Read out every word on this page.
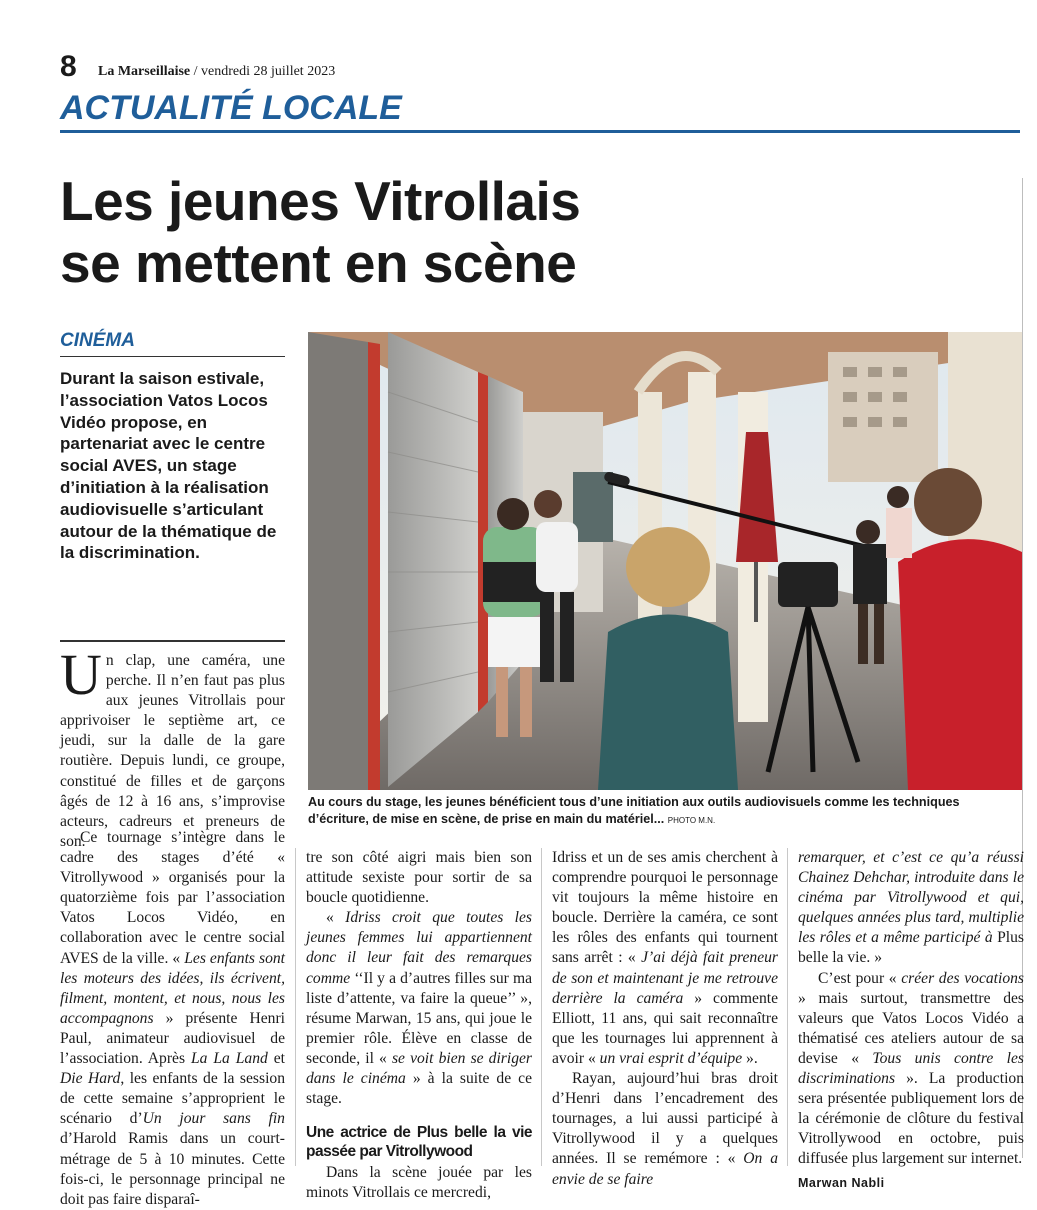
8 La Marseillaise / vendredi 28 juillet 2023
ACTUALITÉ LOCALE
Les jeunes Vitrollais
se mettent en scène
CINÉMA
Durant la saison estivale, l’association Vatos Locos Vidéo propose, en partenariat avec le centre social AVES, un stage d’initiation à la réalisation audiovisuelle s’articulant autour de la thématique de la discrimination.
Au cours du stage, les jeunes bénéficient tous d’une initiation aux outils audiovisuels comme les techniques d’écriture, de mise en scène, de prise en main du matériel... PHOTO M.N.

Un clap, une caméra, une perche. Il n’en faut pas plus aux jeunes Vitrollais pour apprivoiser le septième art, ce jeudi, sur la dalle de la gare routière. Depuis lundi, ce groupe, constitué de filles et de garçons âgés de 12 à 16 ans, s’improvise acteurs, cadreurs et preneurs de son.

Ce tournage s’intègre dans le cadre des stages d’été « Vitrollywood » organisés pour la quatorzième fois par l’association Vatos Locos Vidéo, en collaboration avec le centre social AVES de la ville. « Les enfants sont les moteurs des idées, ils écrivent, filment, montent, et nous, nous les accompagnons » présente Henri Paul, animateur audiovisuel de l’association. Après La La Land et Die Hard, les enfants de la session de cette semaine s’approprient le scénario d’Un jour sans fin d’Harold Ramis dans un court-métrage de 5 à 10 minutes. Cette fois-ci, le personnage principal ne doit pas faire disparaî-

tre son côté aigri mais bien son attitude sexiste pour sortir de sa boucle quotidienne.

« Idriss croit que toutes les jeunes femmes lui appartiennent donc il leur fait des remarques comme ‘‘Il y a d’autres filles sur ma liste d’attente, va faire la queue’’ », résume Marwan, 15 ans, qui joue le premier rôle. Élève en classe de seconde, il « se voit bien se diriger dans le cinéma » à la suite de ce stage.

Une actrice de Plus belle la vie passée par Vitrollywood

Dans la scène jouée par les minots Vitrollais ce mercredi,

Idriss et un de ses amis cherchent à comprendre pourquoi le personnage vit toujours la même histoire en boucle. Derrière la caméra, ce sont les rôles des enfants qui tournent sans arrêt : « J’ai déjà fait preneur de son et maintenant je me retrouve derrière la caméra » commente Elliott, 11 ans, qui sait reconnaître que les tournages lui apprennent à avoir « un vrai esprit d’équipe ».

Rayan, aujourd’hui bras droit d’Henri dans l’encadrement des tournages, a lui aussi participé à Vitrollywood il y a quelques années. Il se remémore : « On a envie de se faire

remarquer, et c’est ce qu’a réussi Chainez Dehchar, introduite dans le cinéma par Vitrollywood et qui, quelques années plus tard, multiplie les rôles et a même participé à Plus belle la vie. »

C’est pour « créer des vocations » mais surtout, transmettre des valeurs que Vatos Locos Vidéo a thématisé ces ateliers autour de sa devise « Tous unis contre les discriminations ». La production sera présentée publiquement lors de la cérémonie de clôture du festival Vitrollywood en octobre, puis diffusée plus largement sur internet.

Marwan Nabli
